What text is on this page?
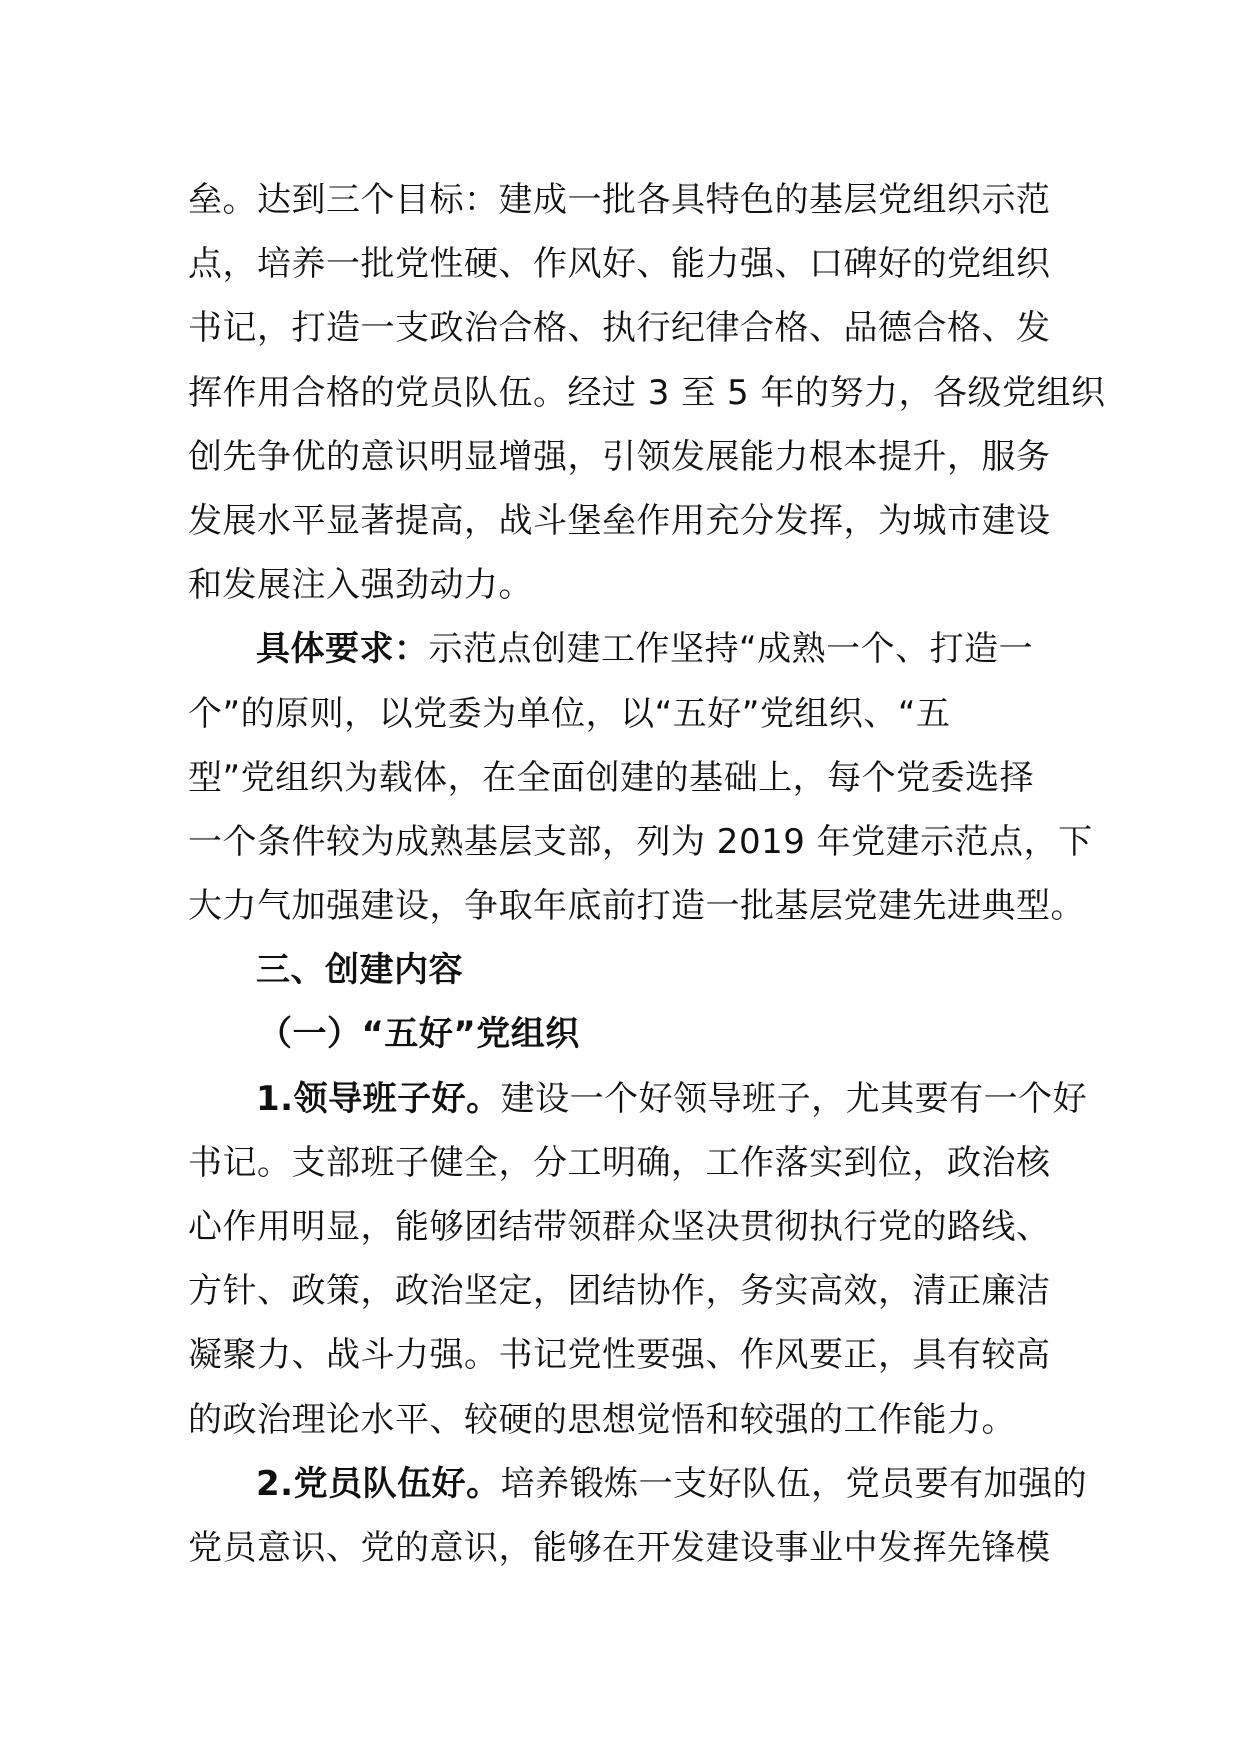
垒。达到三个目标：建成一批各具特色的基层党组织示范
点，培养一批党性硬、作风好、能力强、口碑好的党组织
书记，打造一支政治合格、执行纪律合格、品德合格、发
挥作用合格的党员队伍。经过 3 至 5 年的努力，各级党组织
创先争优的意识明显增强，引领发展能力根本提升，服务
发展水平显著提高，战斗堡垒作用充分发挥，为城市建设
和发展注入强劲动力。
具体要求：示范点创建工作坚持“成熟一个、打造一
个”的原则，以党委为单位，以“五好”党组织、“五
型”党组织为载体，在全面创建的基础上，每个党委选择
一个条件较为成熟基层支部，列为 2019 年党建示范点，下
大力气加强建设，争取年底前打造一批基层党建先进典型。
三、创建内容
（一）“五好”党组织
1.领导班子好。建设一个好领导班子，尤其要有一个好
书记。支部班子健全，分工明确，工作落实到位，政治核
心作用明显，能够团结带领群众坚决贯彻执行党的路线、
方针、政策，政治坚定，团结协作，务实高效，清正廉洁
凝聚力、战斗力强。书记党性要强、作风要正，具有较高
的政治理论水平、较硬的思想觉悟和较强的工作能力。
2.党员队伍好。培养锻炼一支好队伍，党员要有加强的
党员意识、党的意识，能够在开发建设事业中发挥先锋模
